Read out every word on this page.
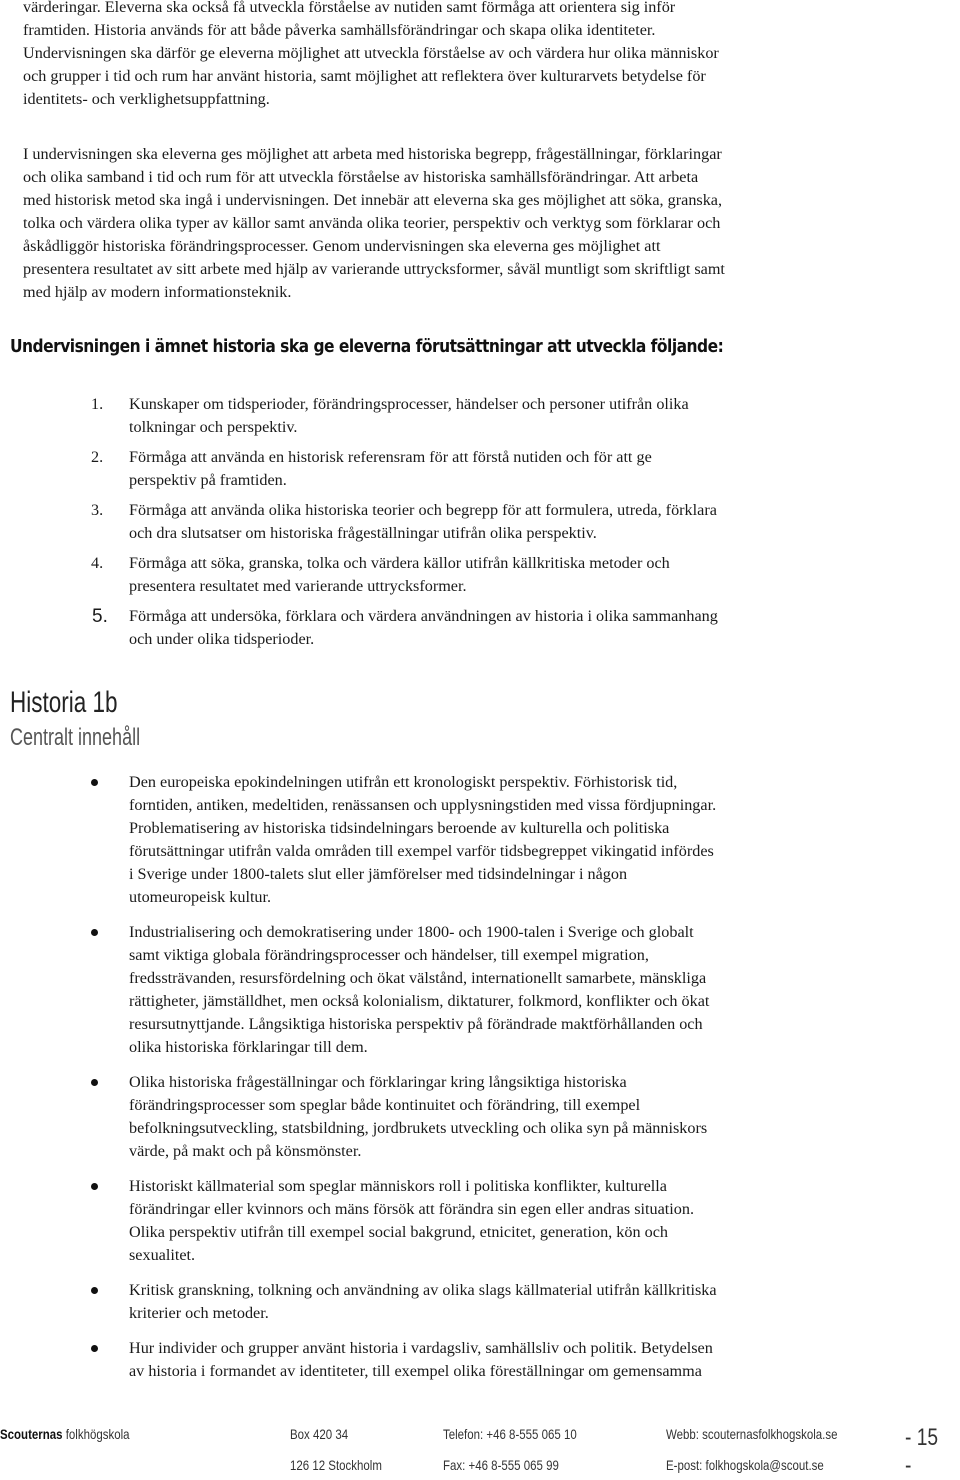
värderingar. Eleverna ska också få utveckla förståelse av nutiden samt förmåga att orientera sig inför
framtiden. Historia används för att både påverka samhällsförändringar och skapa olika identiteter.
Undervisningen ska därför ge eleverna möjlighet att utveckla förståelse av och värdera hur olika människor
och grupper i tid och rum har använt historia, samt möjlighet att reflektera över kulturarvets betydelse för
identitets- och verklighetsuppfattning.
I undervisningen ska eleverna ges möjlighet att arbeta med historiska begrepp, frågeställningar, förklaringar
och olika samband i tid och rum för att utveckla förståelse av historiska samhällsförändringar. Att arbeta
med historisk metod ska ingå i undervisningen. Det innebär att eleverna ska ges möjlighet att söka, granska,
tolka och värdera olika typer av källor samt använda olika teorier, perspektiv och verktyg som förklarar och
åskådliggör historiska förändringsprocesser. Genom undervisningen ska eleverna ges möjlighet att
presentera resultatet av sitt arbete med hjälp av varierande uttrycksformer, såväl muntligt som skriftligt samt
med hjälp av modern informationsteknik.
Undervisningen i ämnet historia ska ge eleverna förutsättningar att utveckla följande:
1. Kunskaper om tidsperioder, förändringsprocesser, händelser och personer utifrån olika
tolkningar och perspektiv.
2. Förmåga att använda en historisk referensram för att förstå nutiden och för att ge
perspektiv på framtiden.
3. Förmåga att använda olika historiska teorier och begrepp för att formulera, utreda, förklara
och dra slutsatser om historiska frågeställningar utifrån olika perspektiv.
4. Förmåga att söka, granska, tolka och värdera källor utifrån källkritiska metoder och
presentera resultatet med varierande uttrycksformer.
5. Förmåga att undersöka, förklara och värdera användningen av historia i olika sammanhang
och under olika tidsperioder.
Historia 1b
Centralt innehåll
Den europeiska epokindelningen utifrån ett kronologiskt perspektiv. Förhistorisk tid,
forntiden, antiken, medeltiden, renässansen och upplysningstiden med vissa fördjupningar.
Problematisering av historiska tidsindelningars beroende av kulturella och politiska
förutsättningar utifrån valda områden till exempel varför tidsbegreppet vikingatid infördes
i Sverige under 1800-talets slut eller jämförelser med tidsindelningar i någon
utomeuropeisk kultur.
Industrialisering och demokratisering under 1800- och 1900-talen i Sverige och globalt
samt viktiga globala förändringsprocesser och händelser, till exempel migration,
fredssträvanden, resursfördelning och ökat välstånd, internationellt samarbete, mänskliga
rättigheter, jämställdhet, men också kolonialism, diktaturer, folkmord, konflikter och ökat
resursutnyttjande. Långsiktiga historiska perspektiv på förändrade maktförhållanden och
olika historiska förklaringar till dem.
Olika historiska frågeställningar och förklaringar kring långsiktiga historiska
förändringsprocesser som speglar både kontinuitet och förändring, till exempel
befolkningsutveckling, statsbildning, jordbrukets utveckling och olika syn på människors
värde, på makt och på könsmönster.
Historiskt källmaterial som speglar människors roll i politiska konflikter, kulturella
förändringar eller kvinnors och mäns försök att förändra sin egen eller andras situation.
Olika perspektiv utifrån till exempel social bakgrund, etnicitet, generation, kön och
sexualitet.
Kritisk granskning, tolkning och användning av olika slags källmaterial utifrån källkritiska
kriterier och metoder.
Hur individer och grupper använt historia i vardagsliv, samhällsliv och politik. Betydelsen
av historia i formandet av identiteter, till exempel olika föreställningar om gemensamma
Scouternas folkhögskola	Box 420 34
126 12 Stockholm
Telefon: +46 8-555 065 10
Fax: +46 8-555 065 99
Webb: scouternasfolkhogskola.se
E-post: folkhogskola@scout.se
- 15 -
